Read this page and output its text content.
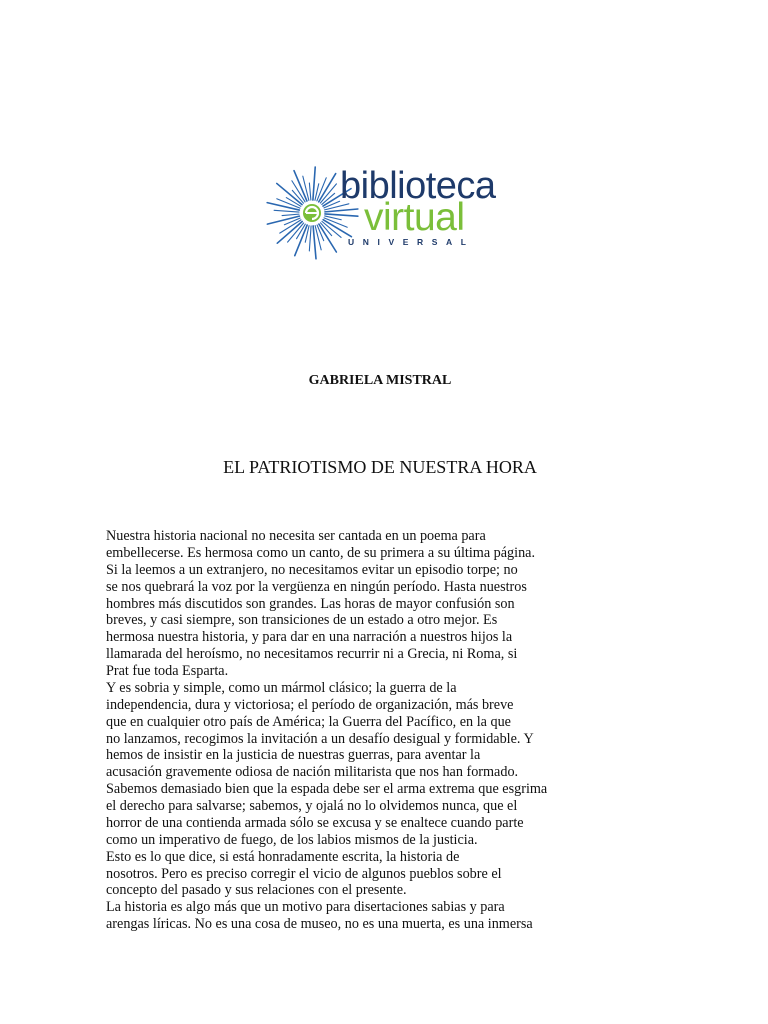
biblioteca
virtual
UNIVERSAL
GABRIELA MISTRAL
EL PATRIOTISMO DE NUESTRA HORA
Nuestra historia nacional no necesita ser cantada en un poema para
embellecerse. Es hermosa como un canto, de su primera a su última página.
Si la leemos a un extranjero, no necesitamos evitar un episodio torpe; no
se nos quebrará la voz por la vergüenza en ningún período. Hasta nuestros
hombres más discutidos son grandes. Las horas de mayor confusión son
breves, y casi siempre, son transiciones de un estado a otro mejor. Es
hermosa nuestra historia, y para dar en una narración a nuestros hijos la
llamarada del heroísmo, no necesitamos recurrir ni a Grecia, ni Roma, si
Prat fue toda Esparta.
Y es sobria y simple, como un mármol clásico; la guerra de la
independencia, dura y victoriosa; el período de organización, más breve
que en cualquier otro país de América; la Guerra del Pacífico, en la que
no lanzamos, recogimos la invitación a un desafío desigual y formidable. Y
hemos de insistir en la justicia de nuestras guerras, para aventar la
acusación gravemente odiosa de nación militarista que nos han formado.
Sabemos demasiado bien que la espada debe ser el arma extrema que esgrima
el derecho para salvarse; sabemos, y ojalá no lo olvidemos nunca, que el
horror de una contienda armada sólo se excusa y se enaltece cuando parte
como un imperativo de fuego, de los labios mismos de la justicia.
Esto es lo que dice, si está honradamente escrita, la historia de
nosotros. Pero es preciso corregir el vicio de algunos pueblos sobre el
concepto del pasado y sus relaciones con el presente.
La historia es algo más que un motivo para disertaciones sabias y para
arengas líricas. No es una cosa de museo, no es una muerta, es una inmersa
